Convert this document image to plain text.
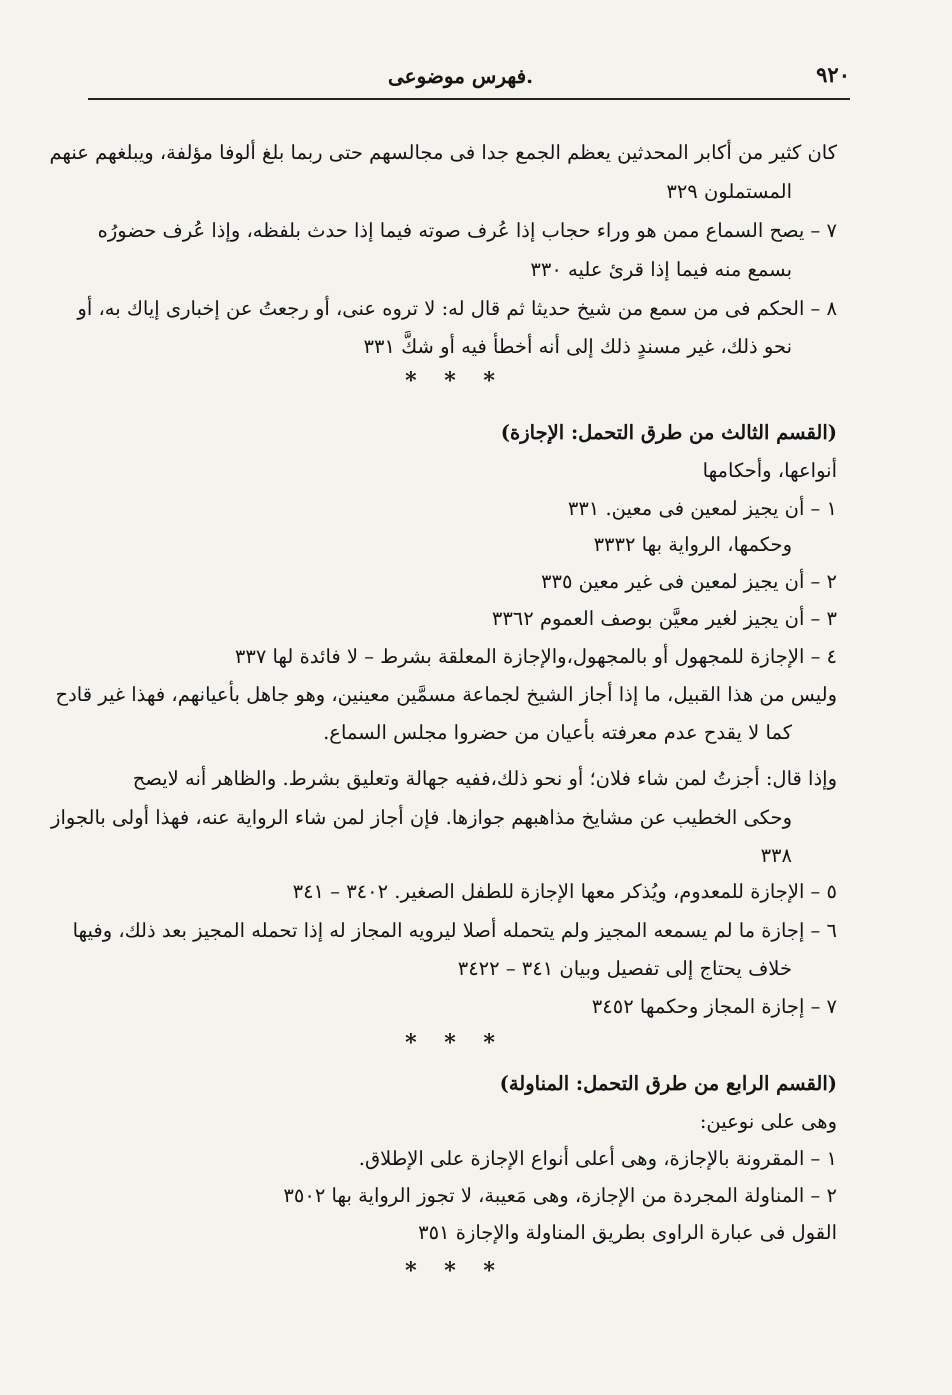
٩٢٠
فهرس موضوعى.
كان كثير من أكابر المحدثين يعظم الجمع جدا فى مجالسهم حتى ربما بلغ ألوفا مؤلفة، ويبلغهم عنهم
المستملون ٣٢٩
٧ – يصح السماع ممن هو وراء حجاب إذا عُرف صوته فيما إذا حدث بلفظه، وإذا عُرف حضورُه
بسمع منه فيما إذا قرئ عليه ٣٣٠
٨ – الحكم فى من سمع من شيخ حديثا ثم قال له: لا تروه عنى، أو رجعتُ عن إخبارى إياك به، أو
نحو ذلك، غير مسندٍ ذلك إلى أنه أخطأ فيه أو شكَّ ٣٣١
* * *
(القسم الثالث من طرق التحمل: الإجازة)
أنواعها، وأحكامها
١ – أن يجيز لمعين فى معين. ٣٣١
وحكمها، الرواية بها ٣٣٣٢
٢ – أن يجيز لمعين فى غير معين ٣٣٥
٣ – أن يجيز لغير معيَّن بوصف العموم ٣٣٦٢
٤ – الإجازة للمجهول أو بالمجهول،والإجازة المعلقة بشرط – لا فائدة لها ٣٣٧
وليس من هذا القبيل، ما إذا أجاز الشيخ لجماعة مسمَّين معينين، وهو جاهل بأعيانهم، فهذا غير قادح
كما لا يقدح عدم معرفته بأعيان من حضروا مجلس السماع.
وإذا قال: أجزتُ لمن شاء فلان؛ أو نحو ذلك،ففيه جهالة وتعليق بشرط. والظاهر أنه لايصح
وحكى الخطيب عن مشايخ مذاهبهم جوازها. فإن أجاز لمن شاء الرواية عنه، فهذا أولى بالجواز
٣٣٨
٥ – الإجازة للمعدوم، ويُذكر معها الإجازة للطفل الصغير. ٣٤٠٢ – ٣٤١
٦ – إجازة ما لم يسمعه المجيز ولم يتحمله أصلا ليرويه المجاز له إذا تحمله المجيز بعد ذلك، وفيها
خلاف يحتاج إلى تفصيل وبيان ٣٤١ – ٣٤٢٢
٧ – إجازة المجاز وحكمها ٣٤٥٢
* * *
(القسم الرابع من طرق التحمل: المناولة)
وهى على نوعين:
١ – المقرونة بالإجازة، وهى أعلى أنواع الإجازة على الإطلاق.
٢ – المناولة المجردة من الإجازة، وهى مَعيبة، لا تجوز الرواية بها ٣٥٠٢
القول فى عبارة الراوى بطريق المناولة والإجازة ٣٥١
* * *
